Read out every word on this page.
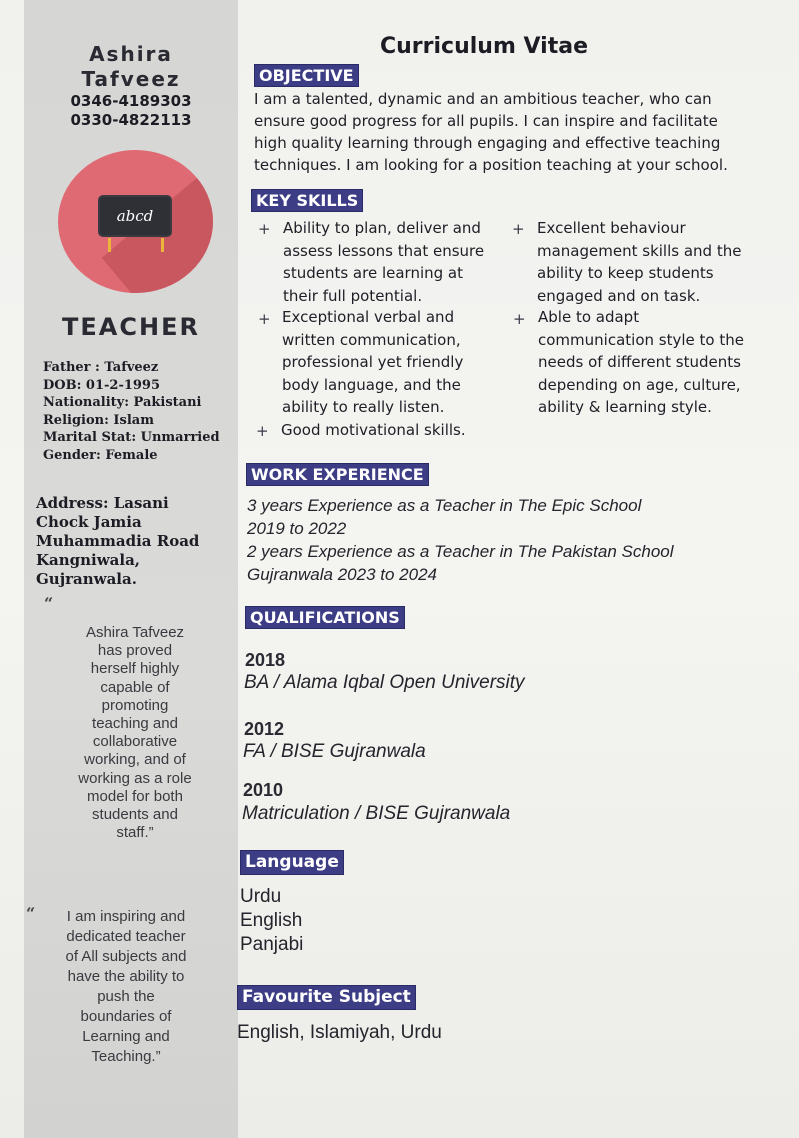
Ashira
Tafveez
0346-4189303
0330-4822113
abcd
TEACHER
Father : Tafveez
DOB: 01-2-1995
Nationality: Pakistani
Religion: Islam
Marital Stat: Unmarried
Gender: Female
Address: Lasani
Chock Jamia
Muhammadia Road
Kangniwala,
Gujranwala.
“
Ashira Tafveez
has proved
herself highly
capable of
promoting
teaching and
collaborative
working, and of
working as a role
model for both
students and
staff.”
“	I am inspiring and
dedicated teacher
of All subjects and
have the ability to
push the
boundaries of
Learning and
Teaching.”
Curriculum Vitae
OBJECTIVE
I am a talented, dynamic and an ambitious teacher, who can
ensure good progress for all pupils. I can inspire and facilitate
high quality learning through engaging and effective teaching
techniques. I am looking for a position teaching at your school.
KEY SKILLS
+ Ability to plan, deliver and
assess lessons that ensure
students are learning at
their full potential.
+ Exceptional verbal and
written communication,
professional yet friendly
body language, and the
ability to really listen.
+ Good motivational skills.
+ Excellent behaviour
management skills and the
ability to keep students
engaged and on task.
+ Able to adapt
communication style to the
needs of different students
depending on age, culture,
ability & learning style.
WORK EXPERIENCE
3 years Experience as a Teacher in The Epic School
2019 to 2022
2 years Experience as a Teacher in The Pakistan School
Gujranwala 2023 to 2024
QUALIFICATIONS
2018
BA / Alama Iqbal Open University
2012
FA / BISE Gujranwala
2010
Matriculation / BISE Gujranwala
Language
Urdu
English
Panjabi
Favourite Subject
English, Islamiyah, Urdu
